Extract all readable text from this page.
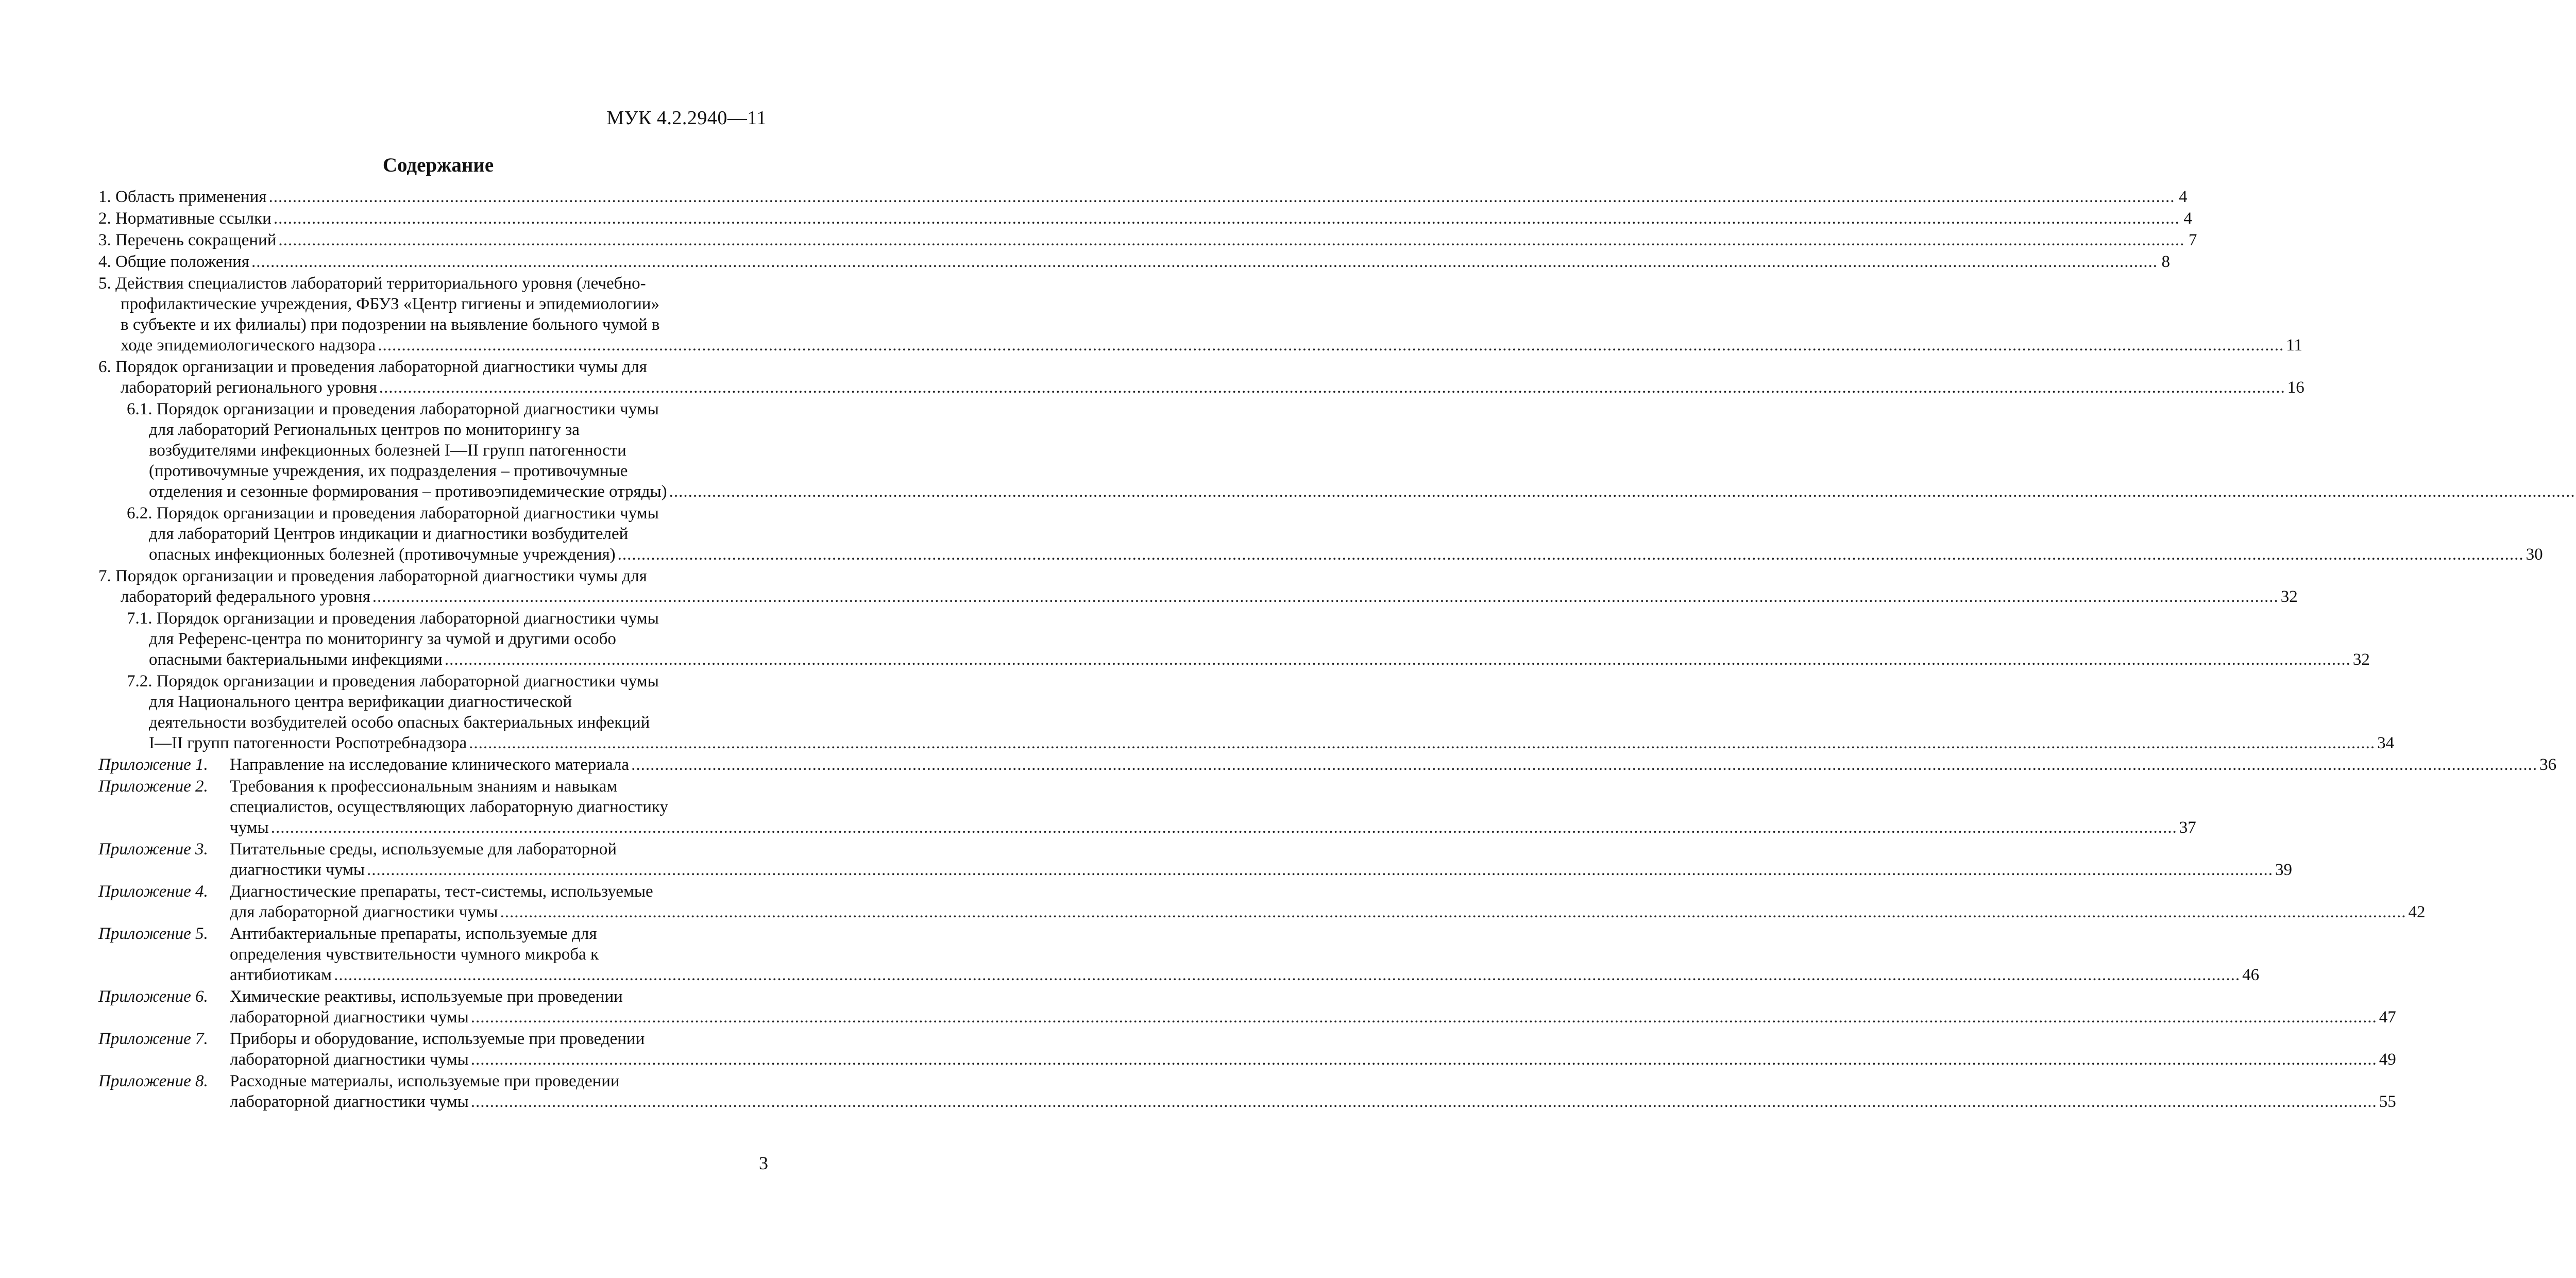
МУК 4.2.2940—11
Содержание
1. Область применения ................................................................................................................................................................................................................................................................................................................................................................................................................ 4
2. Нормативные ссылки ................................................................................................................................................................................................................................................................................................................................................................................................................ 4
3. Перечень сокращений ................................................................................................................................................................................................................................................................................................................................................................................................................ 7
4. Общие положения ................................................................................................................................................................................................................................................................................................................................................................................................................ 8
5. Действия специалистов лабораторий территориального уровня (лечебно-
профилактические учреждения, ФБУЗ «Центр гигиены и эпидемиологии»
в субъекте и их филиалы) при подозрении на выявление больного чумой в
ходе эпидемиологического надзора ................................................................................................................................................................................................................................................................................................................................................................................................................ 11
6. Порядок организации и проведения лабораторной диагностики чумы для
лабораторий регионального уровня ................................................................................................................................................................................................................................................................................................................................................................................................................ 16
6.1. Порядок организации и проведения лабораторной диагностики чумы
для лабораторий Региональных центров по мониторингу за
возбудителями инфекционных болезней I—II групп патогенности
(противочумные учреждения, их подразделения – противочумные
отделения и сезонные формирования – противоэпидемические отряды) ................................................................................................................................................................................................................................................................................................................................................................................................................
6.2. Порядок организации и проведения лабораторной диагностики чумы
для лабораторий Центров индикации и диагностики возбудителей
опасных инфекционных болезней (противочумные учреждения) ................................................................................................................................................................................................................................................................................................................................................................................................................ 30
7. Порядок организации и проведения лабораторной диагностики чумы для
лабораторий федерального уровня ................................................................................................................................................................................................................................................................................................................................................................................................................ 32
7.1. Порядок организации и проведения лабораторной диагностики чумы
для Референс-центра по мониторингу за чумой и другими особо
опасными бактериальными инфекциями ................................................................................................................................................................................................................................................................................................................................................................................................................ 32
7.2. Порядок организации и проведения лабораторной диагностики чумы
для Национального центра верификации диагностической
деятельности возбудителей особо опасных бактериальных инфекций
I—II групп патогенности Роспотребнадзора ................................................................................................................................................................................................................................................................................................................................................................................................................ 34
Приложение 1.	Направление на исследование клинического материала ................................................................................................................................................................................................................................................................................................................................................................................................................ 36
Приложение 2.	Требования к профессиональным знаниям и навыкам
специалистов, осуществляющих лабораторную диагностику
чумы ................................................................................................................................................................................................................................................................................................................................................................................................................ 37
Приложение 3.	Питательные среды, используемые для лабораторной
диагностики чумы ................................................................................................................................................................................................................................................................................................................................................................................................................ 39
Приложение 4.	Диагностические препараты, тест-системы, используемые
для лабораторной диагностики чумы ................................................................................................................................................................................................................................................................................................................................................................................................................ 42
Приложение 5.	Антибактериальные препараты, используемые для
определения чувствительности чумного микроба к
антибиотикам ................................................................................................................................................................................................................................................................................................................................................................................................................ 46
Приложение 6.	Химические реактивы, используемые при проведении
лабораторной диагностики чумы ................................................................................................................................................................................................................................................................................................................................................................................................................ 47
Приложение 7.	Приборы и оборудование, используемые при проведении
лабораторной диагностики чумы ................................................................................................................................................................................................................................................................................................................................................................................................................ 49
Приложение 8.	Расходные материалы, используемые при проведении
лабораторной диагностики чумы ................................................................................................................................................................................................................................................................................................................................................................................................................ 55
3
